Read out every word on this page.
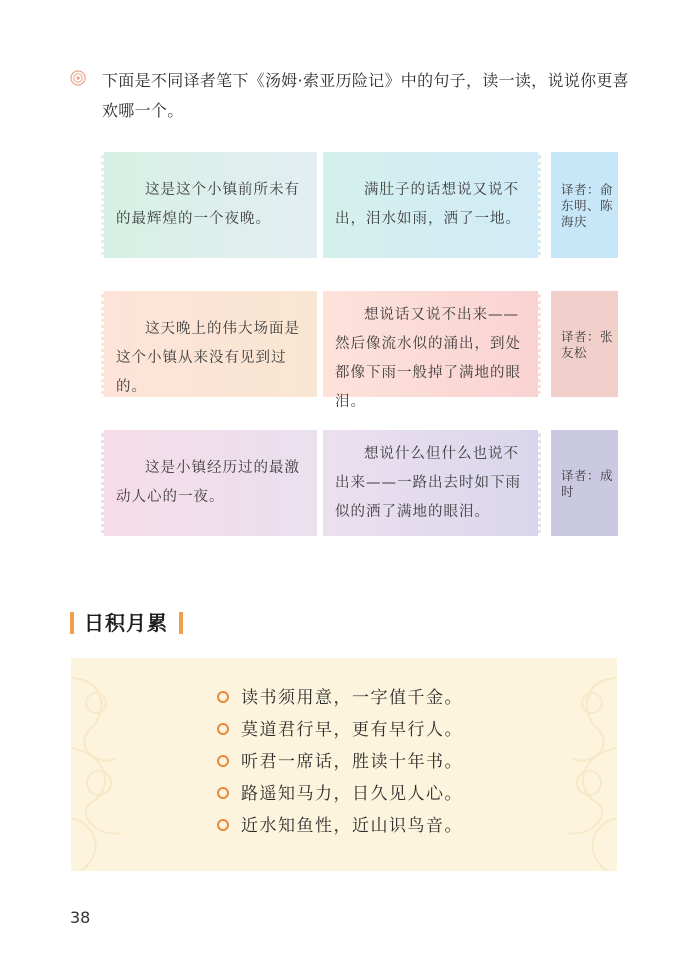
下面是不同译者笔下《汤姆·索亚历险记》中的句子，读一读，说说你更喜欢哪一个。
这是这个小镇前所未有的最辉煌的一个夜晚。
满肚子的话想说又说不出，泪水如雨，洒了一地。
译者：俞东明、陈海庆
这天晚上的伟大场面是这个小镇从来没有见到过的。
想说话又说不出来——然后像流水似的涌出，到处都像下雨一般掉了满地的眼泪。
译者：张友松
这是小镇经历过的最激动人心的一夜。
想说什么但什么也说不出来——一路出去时如下雨似的洒了满地的眼泪。
译者：成时
日积月累
读书须用意，一字值千金。
莫道君行早，更有早行人。
听君一席话，胜读十年书。
路遥知马力，日久见人心。
近水知鱼性，近山识鸟音。
38
